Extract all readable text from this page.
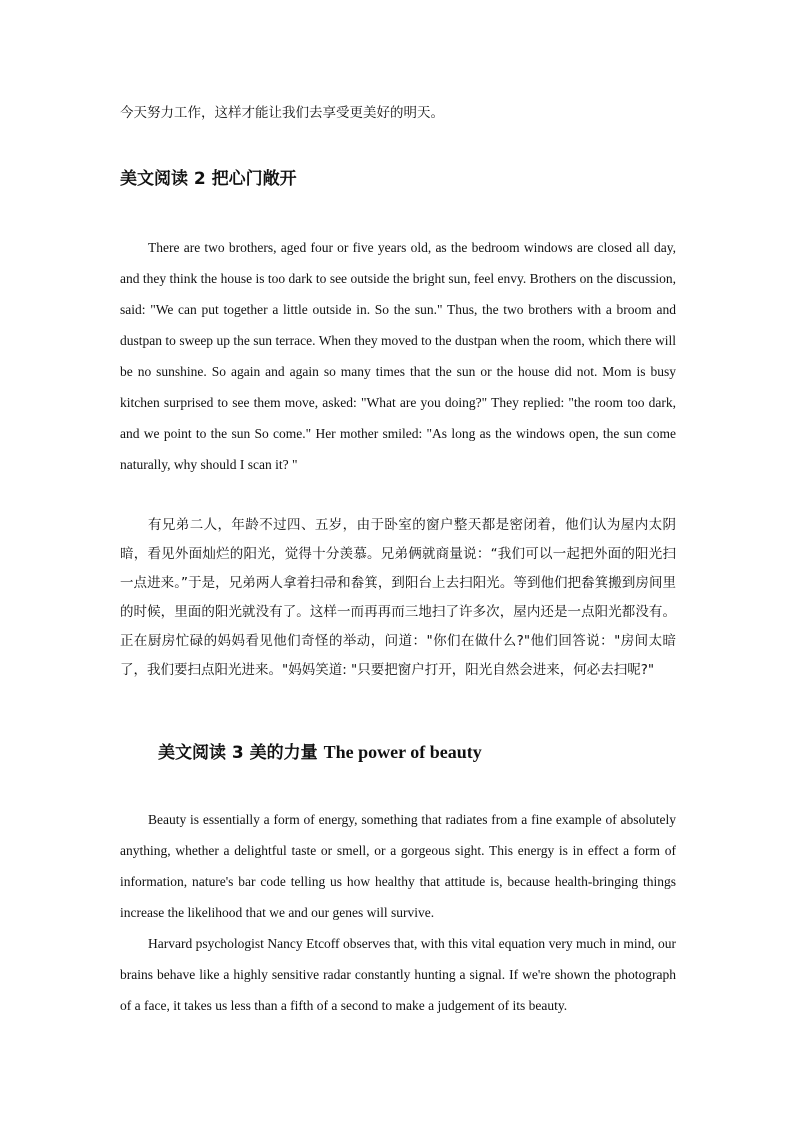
今天努力工作，这样才能让我们去享受更美好的明天。
美文阅读 2 把心门敞开

There are two brothers, aged four or five years old, as the bedroom windows are closed all day, and they think the house is too dark to see outside the bright sun, feel envy. Brothers on the discussion, said: "We can put together a little outside in. So the sun." Thus, the two brothers with a broom and dustpan to sweep up the sun terrace. When they moved to the dustpan when the room, which there will be no sunshine. So again and again so many times that the sun or the house did not. Mom is busy kitchen surprised to see them move, asked: "What are you doing?" They replied: "the room too dark, and we point to the sun So come." Her mother smiled: "As long as the windows open, the sun come naturally, why should I scan it? "

有兄弟二人，年龄不过四、五岁，由于卧室的窗户整天都是密闭着，他们认为屋内太阴暗，看见外面灿烂的阳光，觉得十分羡慕。兄弟俩就商量说：“我们可以一起把外面的阳光扫一点进来。”于是，兄弟两人拿着扫帚和畚箕，到阳台上去扫阳光。等到他们把畚箕搬到房间里的时候，里面的阳光就没有了。这样一而再再而三地扫了许多次，屋内还是一点阳光都没有。正在厨房忙碌的妈妈看见他们奇怪的举动，问道："你们在做什么?"他们回答说："房间太暗了，我们要扫点阳光进来。"妈妈笑道: "只要把窗户打开，阳光自然会进来，何必去扫呢?"

美文阅读 3 美的力量 The power of beauty

Beauty is essentially a form of energy, something that radiates from a fine example of absolutely anything, whether a delightful taste or smell, or a gorgeous sight. This energy is in effect a form of information, nature's bar code telling us how healthy that attitude is, because health-bringing things increase the likelihood that we and our genes will survive.

Harvard psychologist Nancy Etcoff observes that, with this vital equation very much in mind, our brains behave like a highly sensitive radar constantly hunting a signal. If we're shown the photograph of a face, it takes us less than a fifth of a second to make a judgement of its beauty.
